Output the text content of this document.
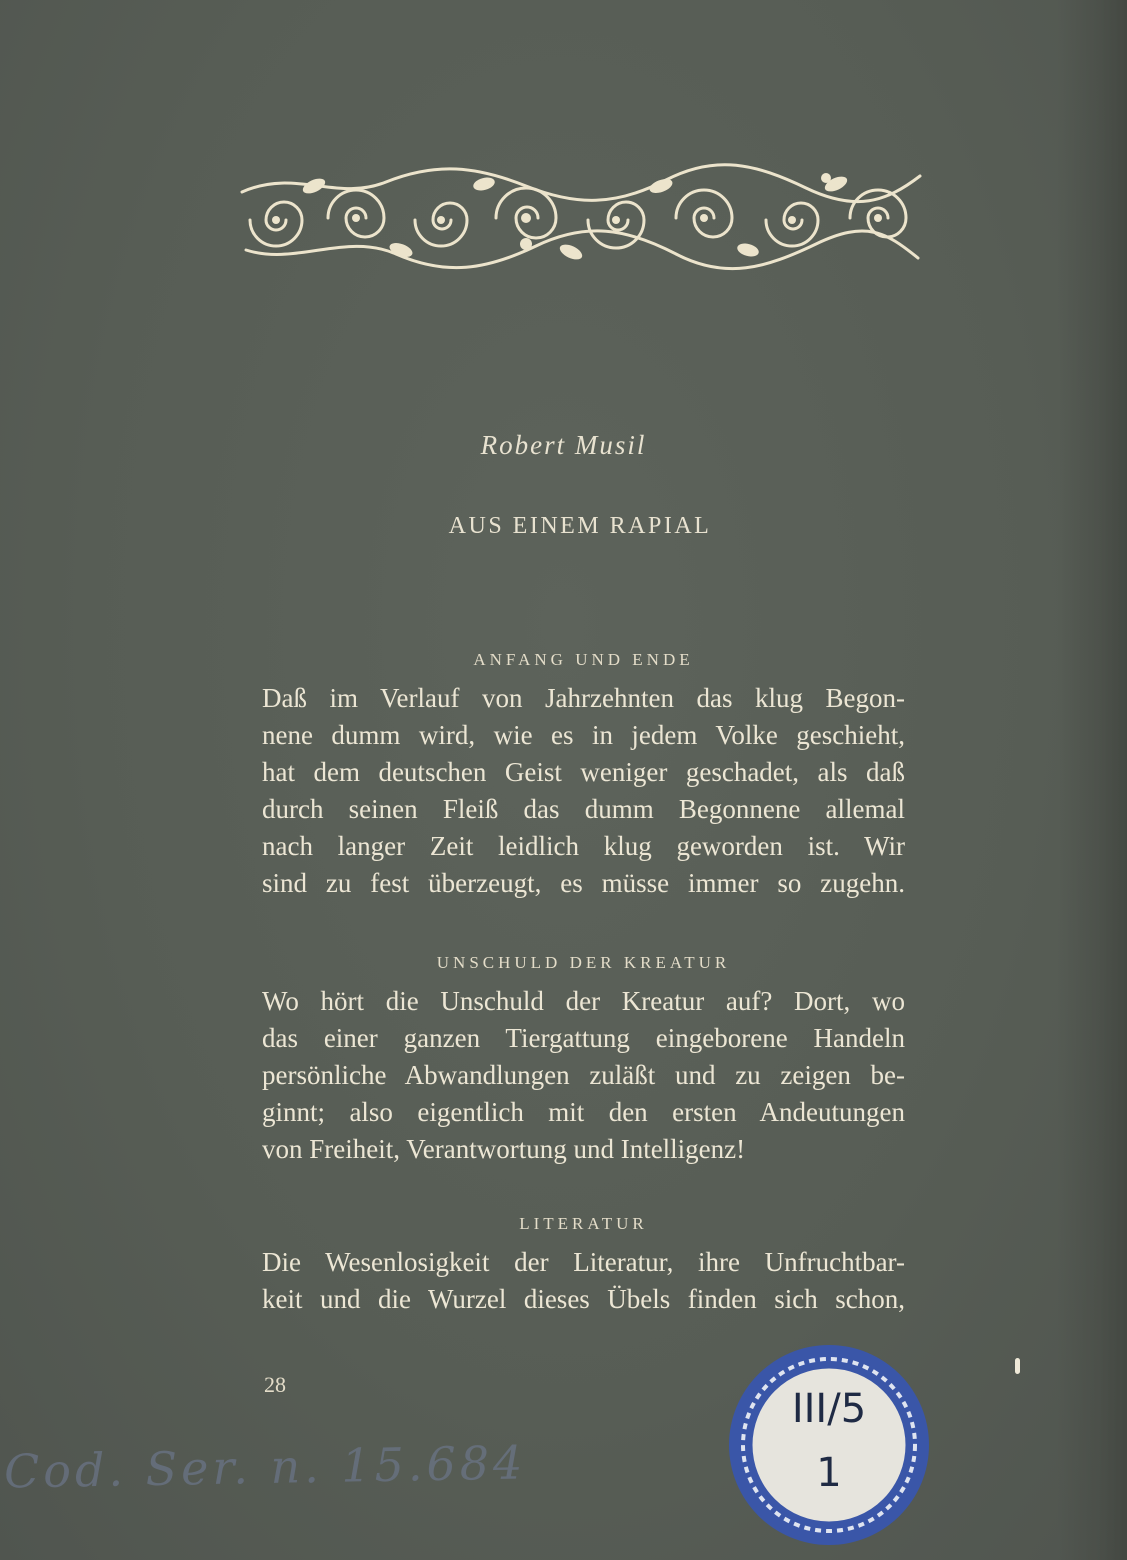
Robert Musil
AUS EINEM RAPIAL
ANFANG UND ENDE
Daß im Verlauf von Jahrzehnten das klug Begon-
nene dumm wird, wie es in jedem Volke geschieht,
hat dem deutschen Geist weniger geschadet, als daß
durch seinen Fleiß das dumm Begonnene allemal
nach langer Zeit leidlich klug geworden ist. Wir
sind zu fest überzeugt, es müsse immer so zugehn.
UNSCHULD DER KREATUR
Wo hört die Unschuld der Kreatur auf? Dort, wo
das einer ganzen Tiergattung eingeborene Handeln
persönliche Abwandlungen zuläßt und zu zeigen be-
ginnt; also eigentlich mit den ersten Andeutungen
von Freiheit, Verantwortung und Intelligenz!
LITERATUR
Die Wesenlosigkeit der Literatur, ihre Unfruchtbar-
keit und die Wurzel dieses Übels finden sich schon,
28
Cod. Ser. n. 15.684
III/5
1
